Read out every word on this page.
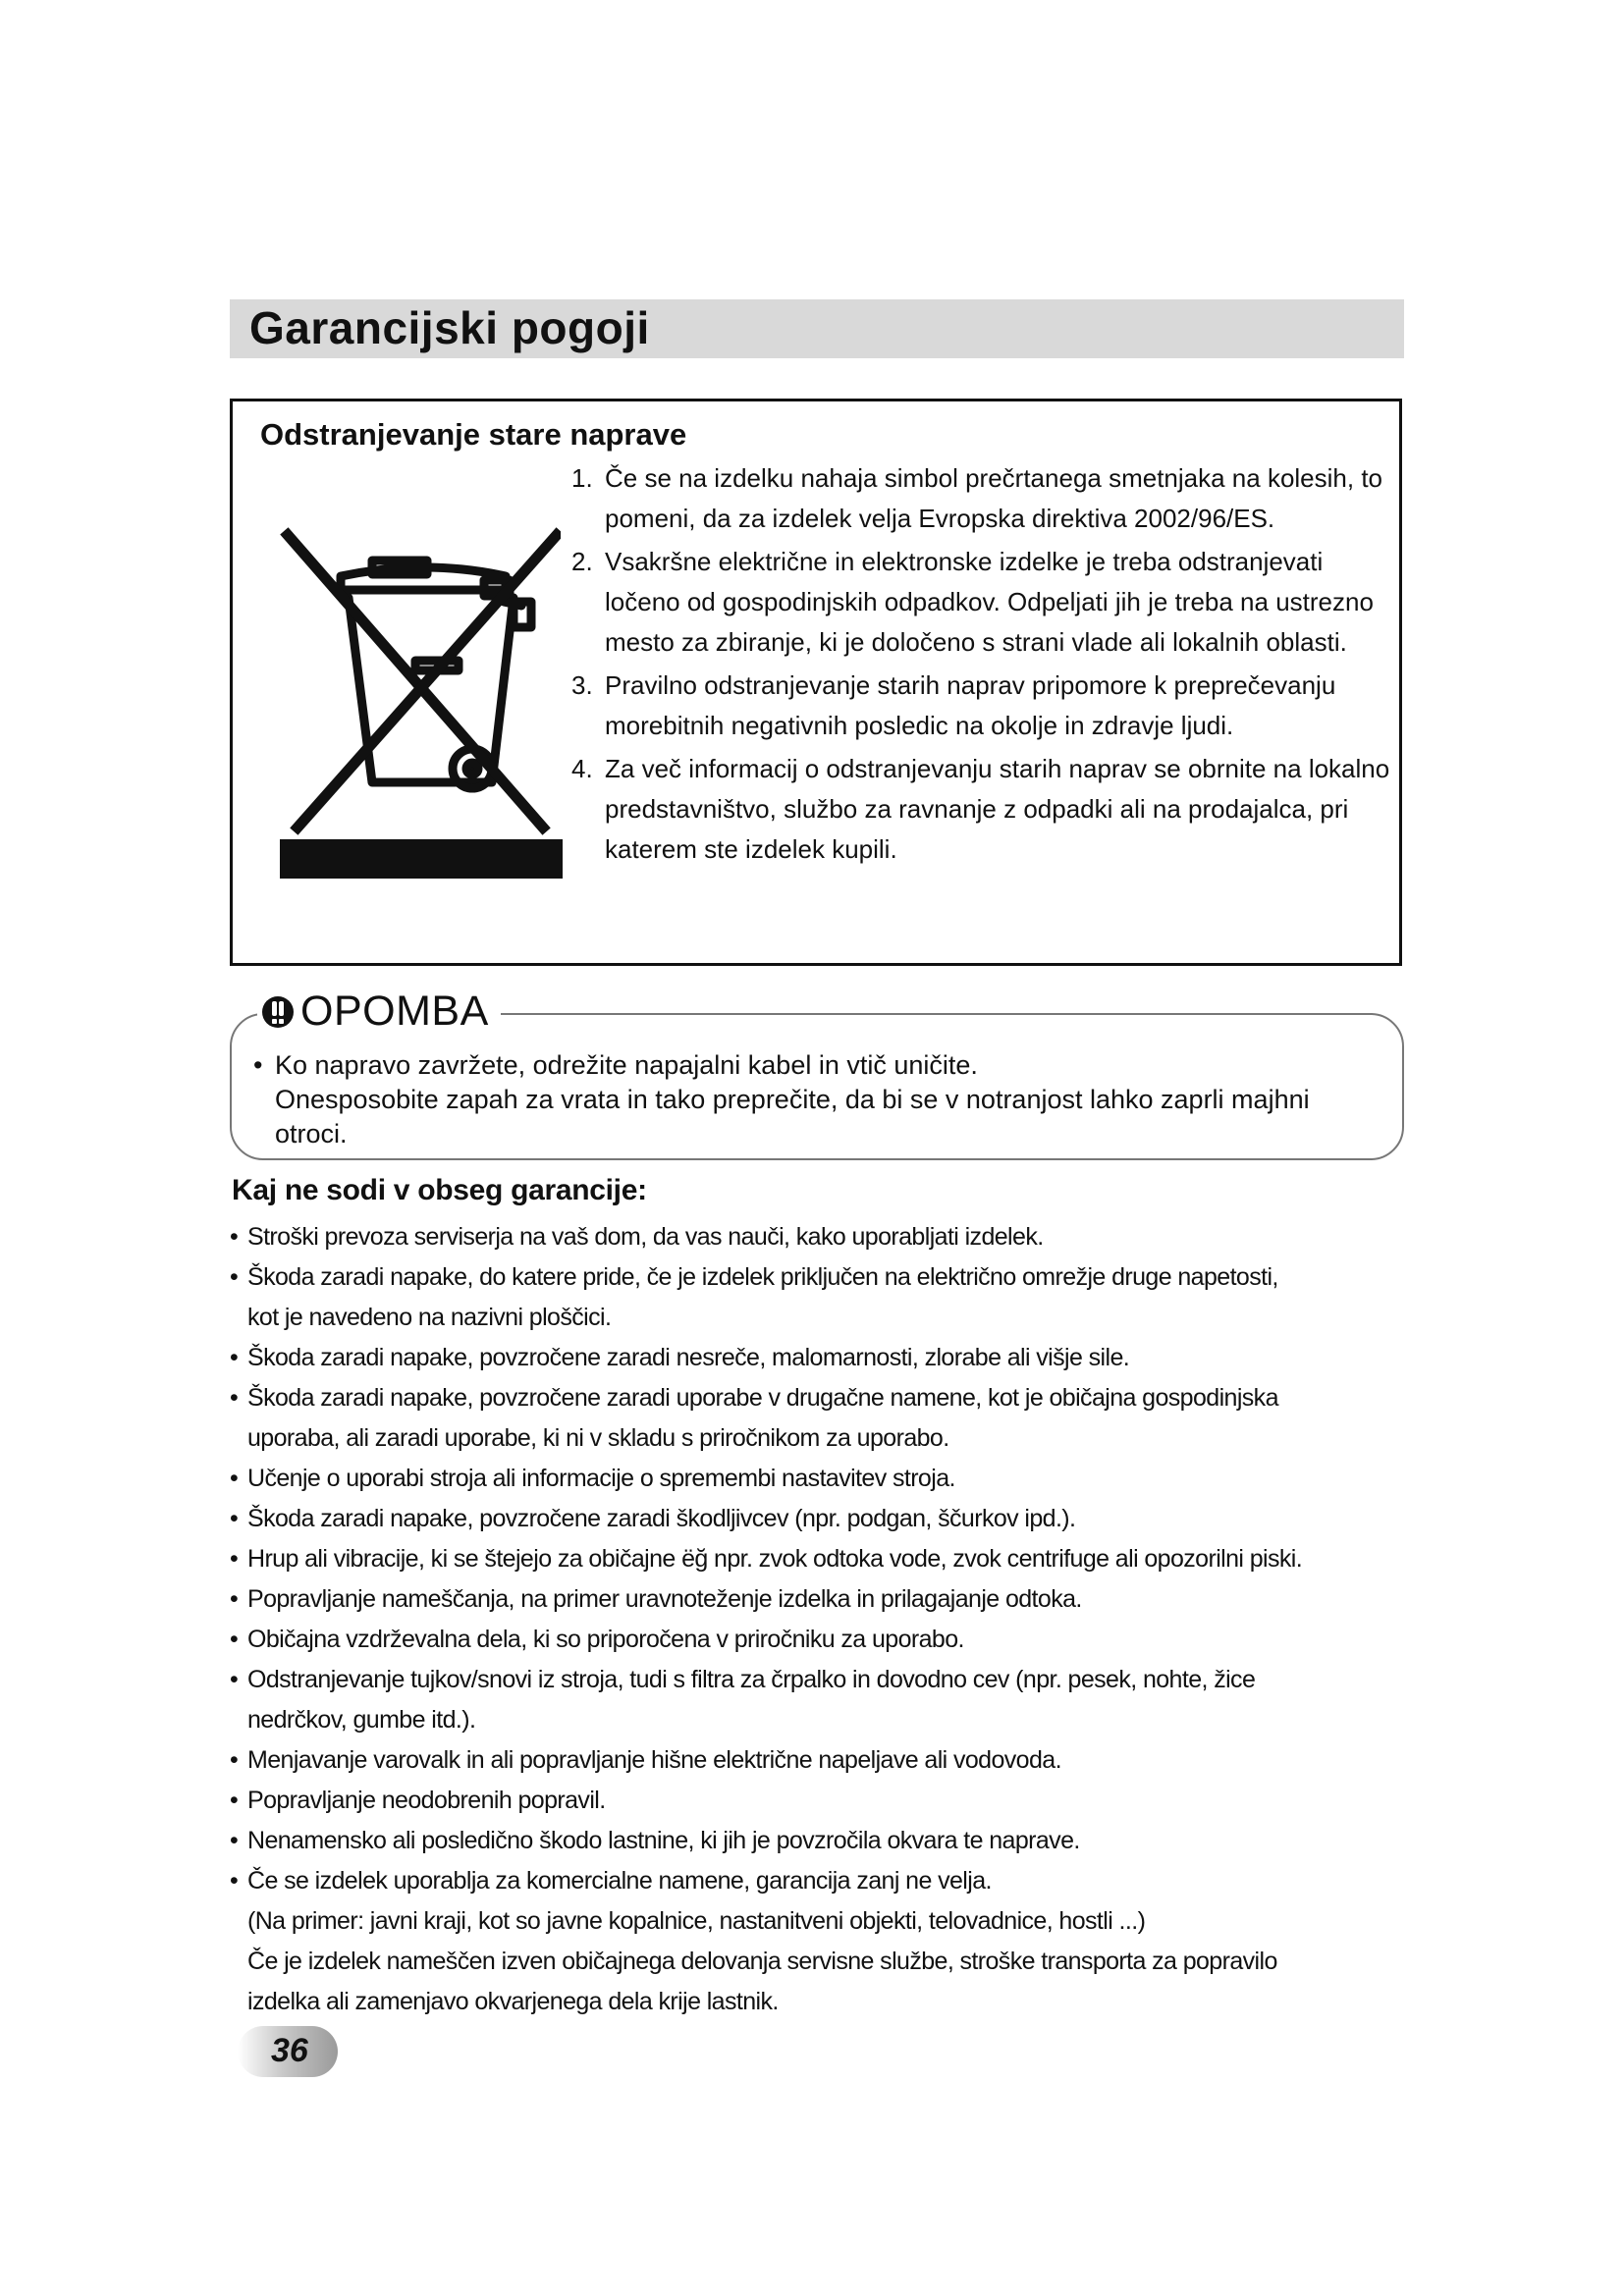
Garancijski pogoji
Odstranjevanje stare naprave
1. Če se na izdelku nahaja simbol prečrtanega smetnjaka na kolesih, to pomeni, da za izdelek velja Evropska direktiva 2002/96/ES.
2. Vsakršne električne in elektronske izdelke je treba odstranjevati ločeno od gospodinjskih odpadkov. Odpeljati jih je treba na ustrezno mesto za zbiranje, ki je določeno s strani vlade ali lokalnih oblasti.
3. Pravilno odstranjevanje starih naprav pripomore k preprečevanju morebitnih negativnih posledic na okolje in zdravje ljudi.
4. Za več informacij o odstranjevanju starih naprav se obrnite na lokalno predstavništvo, službo za ravnanje z odpadki ali na prodajalca, pri katerem ste izdelek kupili.
OPOMBA
• Ko napravo zavržete, odrežite napajalni kabel in vtič uničite.
Onesposobite zapah za vrata in tako preprečite, da bi se v notranjost lahko zaprli majhni otroci.
Kaj ne sodi v obseg garancije:
• Stroški prevoza serviserja na vaš dom, da vas nauči, kako uporabljati izdelek.
• Škoda zaradi napake, do katere pride, če je izdelek priključen na električno omrežje druge napetosti,
kot je navedeno na nazivni ploščici.
• Škoda zaradi napake, povzročene zaradi nesreče, malomarnosti, zlorabe ali višje sile.
• Škoda zaradi napake, povzročene zaradi uporabe v drugačne namene, kot je običajna gospodinjska
uporaba, ali zaradi uporabe, ki ni v skladu s priročnikom za uporabo.
• Učenje o uporabi stroja ali informacije o spremembi nastavitev stroja.
• Škoda zaradi napake, povzročene zaradi škodljivcev (npr. podgan, ščurkov ipd.).
• Hrup ali vibracije, ki se štejejo za običajne ëğ npr. zvok odtoka vode, zvok centrifuge ali opozorilni piski.
• Popravljanje nameščanja, na primer uravnoteženje izdelka in prilagajanje odtoka.
• Običajna vzdrževalna dela, ki so priporočena v priročniku za uporabo.
• Odstranjevanje tujkov/snovi iz stroja, tudi s filtra za črpalko in dovodno cev (npr. pesek, nohte, žice
nedrčkov, gumbe itd.).
• Menjavanje varovalk in ali popravljanje hišne električne napeljave ali vodovoda.
• Popravljanje neodobrenih popravil.
• Nenamensko ali posledično škodo lastnine, ki jih je povzročila okvara te naprave.
• Če se izdelek uporablja za komercialne namene, garancija zanj ne velja.
(Na primer: javni kraji, kot so javne kopalnice, nastanitveni objekti, telovadnice, hostli ...)
Če je izdelek nameščen izven običajnega delovanja servisne službe, stroške transporta za popravilo
izdelka ali zamenjavo okvarjenega dela krije lastnik.
36
